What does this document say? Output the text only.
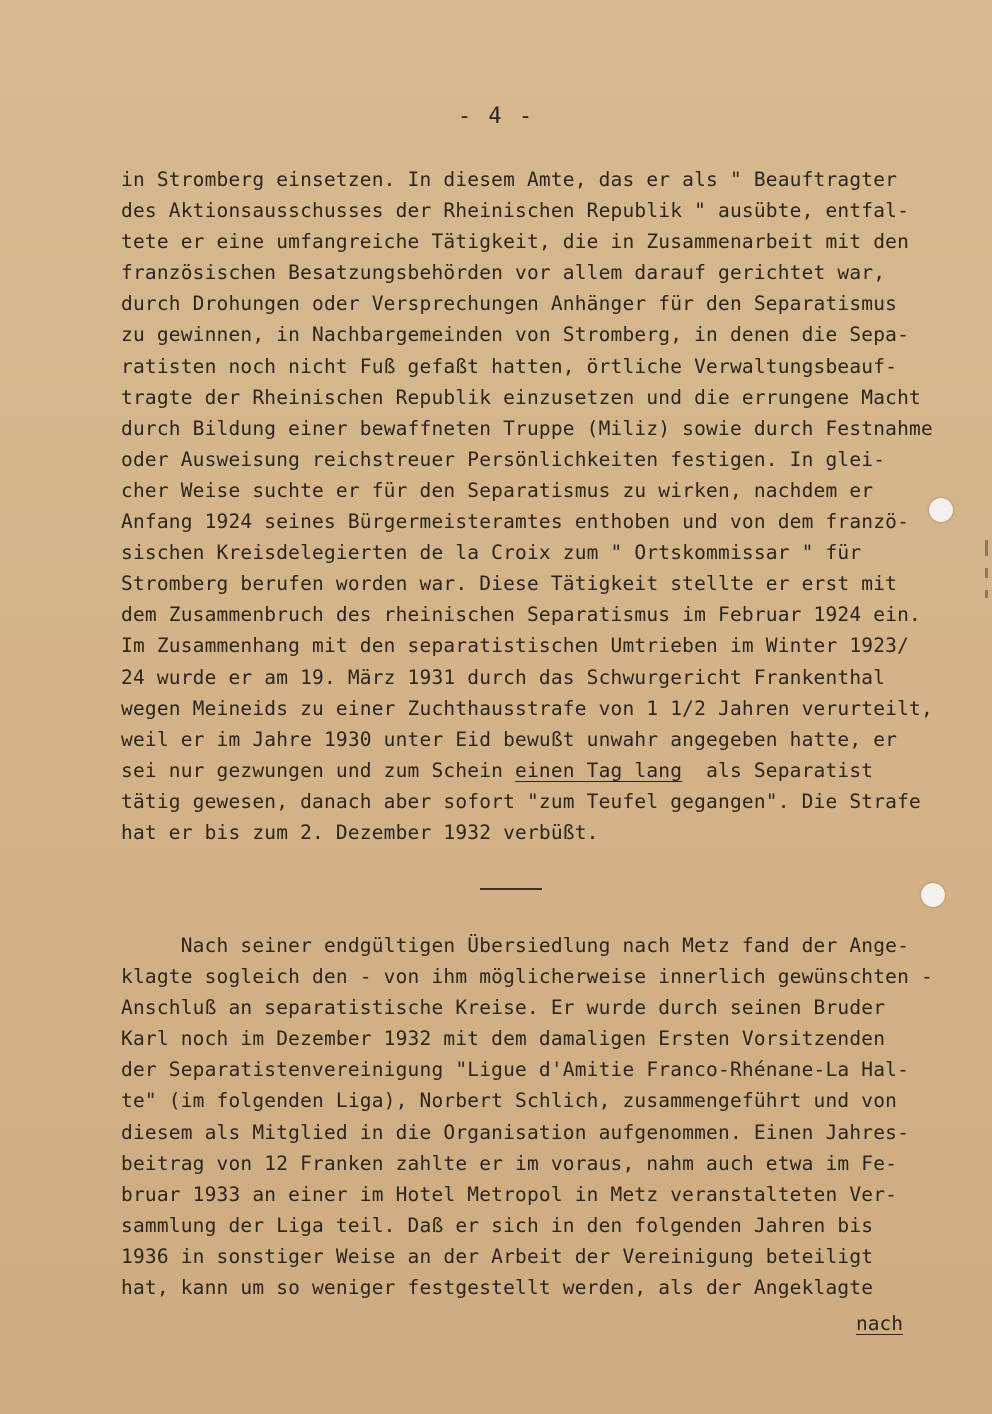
- 4 -
in Stromberg einsetzen. In diesem Amte, das er als " Beauftragter
des Aktionsausschusses der Rheinischen Republik " ausübte, entfal-
tete er eine umfangreiche Tätigkeit, die in Zusammenarbeit mit den
französischen Besatzungsbehörden vor allem darauf gerichtet war,
durch Drohungen oder Versprechungen Anhänger für den Separatismus
zu gewinnen, in Nachbargemeinden von Stromberg, in denen die Sepa-
ratisten noch nicht Fuß gefaßt hatten, örtliche Verwaltungsbeauf-
tragte der Rheinischen Republik einzusetzen und die errungene Macht
durch Bildung einer bewaffneten Truppe (Miliz) sowie durch Festnahme
oder Ausweisung reichstreuer Persönlichkeiten festigen. In glei-
cher Weise suchte er für den Separatismus zu wirken, nachdem er
Anfang 1924 seines Bürgermeisteramtes enthoben und von dem franzö-
sischen Kreisdelegierten de la Croix zum " Ortskommissar " für
Stromberg berufen worden war. Diese Tätigkeit stellte er erst mit
dem Zusammenbruch des rheinischen Separatismus im Februar 1924 ein.
Im Zusammenhang mit den separatistischen Umtrieben im Winter 1923/
24 wurde er am 19. März 1931 durch das Schwurgericht Frankenthal
wegen Meineids zu einer Zuchthausstrafe von 1 1/2 Jahren verurteilt,
weil er im Jahre 1930 unter Eid bewußt unwahr angegeben hatte, er
sei nur gezwungen und zum Schein einen Tag lang  als Separatist
tätig gewesen, danach aber sofort "zum Teufel gegangen". Die Strafe
hat er bis zum 2. Dezember 1932 verbüßt.
Nach seiner endgültigen Übersiedlung nach Metz fand der Ange-
klagte sogleich den - von ihm möglicherweise innerlich gewünschten -
Anschluß an separatistische Kreise. Er wurde durch seinen Bruder
Karl noch im Dezember 1932 mit dem damaligen Ersten Vorsitzenden
der Separatistenvereinigung "Ligue d'Amitie Franco-Rhénane-La Hal-
te" (im folgenden Liga), Norbert Schlich, zusammengeführt und von
diesem als Mitglied in die Organisation aufgenommen. Einen Jahres-
beitrag von 12 Franken zahlte er im voraus, nahm auch etwa im Fe-
bruar 1933 an einer im Hotel Metropol in Metz veranstalteten Ver-
sammlung der Liga teil. Daß er sich in den folgenden Jahren bis
1936 in sonstiger Weise an der Arbeit der Vereinigung beteiligt
hat, kann um so weniger festgestellt werden, als der Angeklagte
nach
